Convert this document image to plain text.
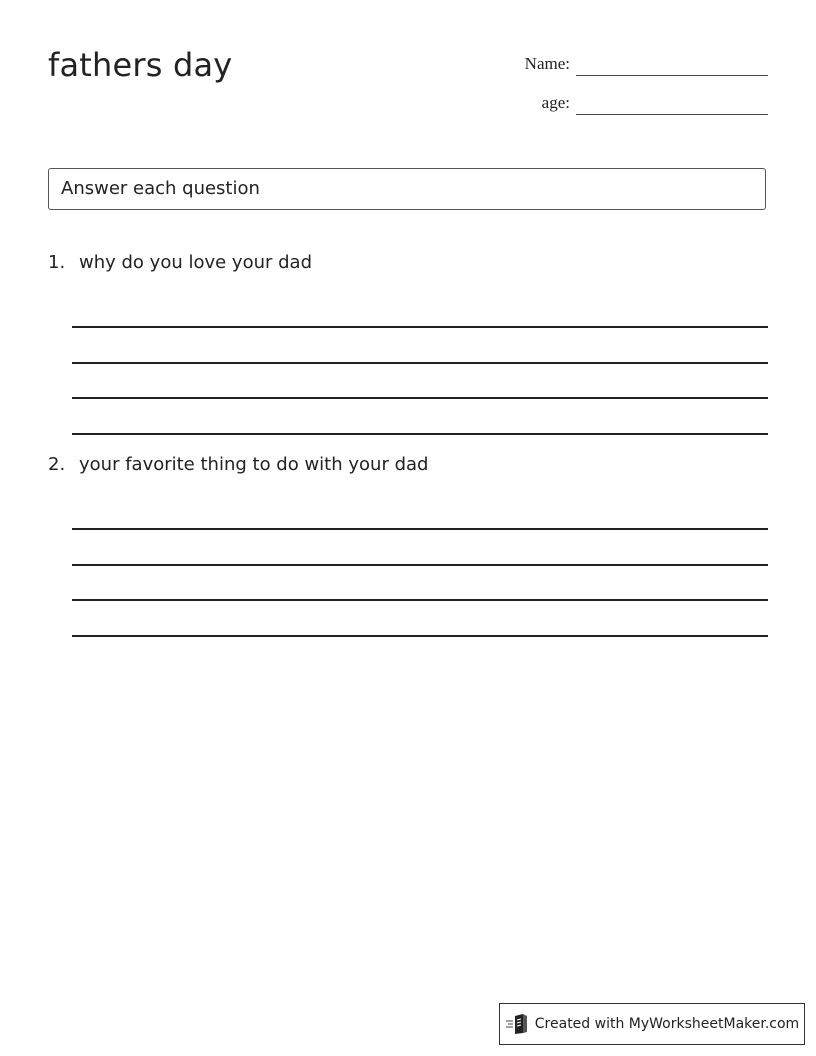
fathers day	Name:
age:
Answer each question
1. why do you love your dad
2. your favorite thing to do with your dad
Created with MyWorksheetMaker.com
